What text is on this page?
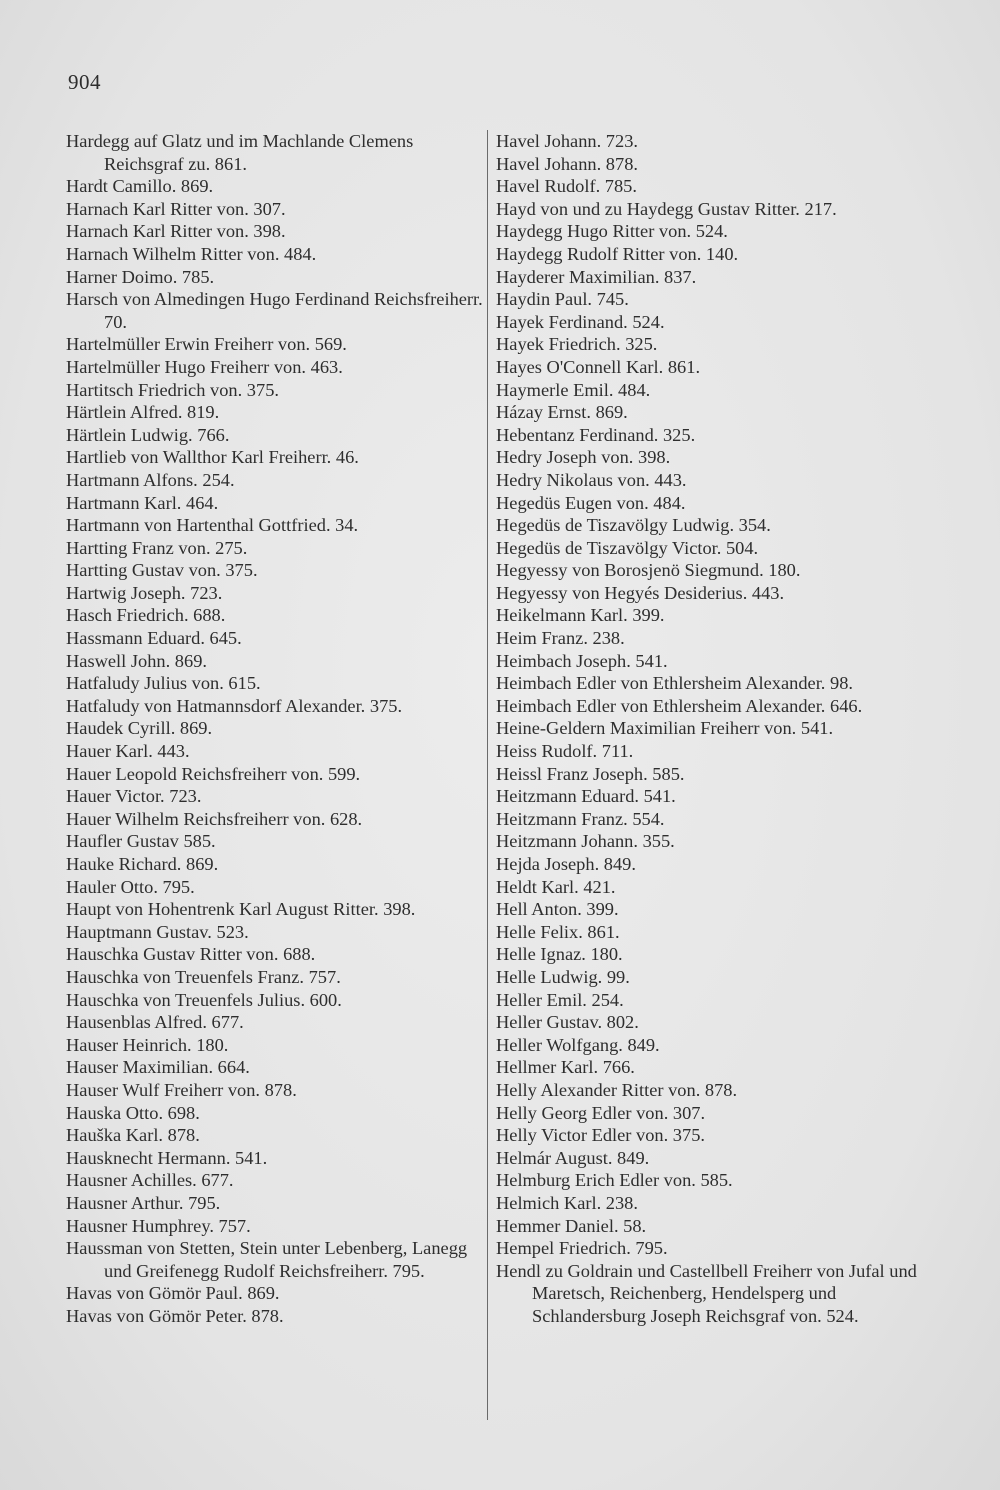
904

Hardegg auf Glatz und im Machlande Clemens Reichsgraf zu. 861.

Hardt Camillo. 869.

Harnach Karl Ritter von. 307.

Harnach Karl Ritter von. 398.

Harnach Wilhelm Ritter von. 484.

Harner Doimo. 785.

Harsch von Almedingen Hugo Ferdinand Reichsfreiherr. 70.

Hartelmüller Erwin Freiherr von. 569.

Hartelmüller Hugo Freiherr von. 463.

Hartitsch Friedrich von. 375.

Härtlein Alfred. 819.

Härtlein Ludwig. 766.

Hartlieb von Wallthor Karl Freiherr. 46.

Hartmann Alfons. 254.

Hartmann Karl. 464.

Hartmann von Hartenthal Gottfried. 34.

Hartting Franz von. 275.

Hartting Gustav von. 375.

Hartwig Joseph. 723.

Hasch Friedrich. 688.

Hassmann Eduard. 645.

Haswell John. 869.

Hatfaludy Julius von. 615.

Hatfaludy von Hatmannsdorf Alexander. 375.

Haudek Cyrill. 869.

Hauer Karl. 443.

Hauer Leopold Reichsfreiherr von. 599.

Hauer Victor. 723.

Hauer Wilhelm Reichsfreiherr von. 628.

Haufler Gustav 585.

Hauke Richard. 869.

Hauler Otto. 795.

Haupt von Hohentrenk Karl August Ritter. 398.

Hauptmann Gustav. 523.

Hauschka Gustav Ritter von. 688.

Hauschka von Treuenfels Franz. 757.

Hauschka von Treuenfels Julius. 600.

Hausenblas Alfred. 677.

Hauser Heinrich. 180.

Hauser Maximilian. 664.

Hauser Wulf Freiherr von. 878.

Hauska Otto. 698.

Hauška Karl. 878.

Hausknecht Hermann. 541.

Hausner Achilles. 677.

Hausner Arthur. 795.

Hausner Humphrey. 757.

Haussman von Stetten, Stein unter Lebenberg, Lanegg und Greifenegg Rudolf Reichsfreiherr. 795.

Havas von Gömör Paul. 869.

Havas von Gömör Peter. 878.

Havel Johann. 723.

Havel Johann. 878.

Havel Rudolf. 785.

Hayd von und zu Haydegg Gustav Ritter. 217.

Haydegg Hugo Ritter von. 524.

Haydegg Rudolf Ritter von. 140.

Hayderer Maximilian. 837.

Haydin Paul. 745.

Hayek Ferdinand. 524.

Hayek Friedrich. 325.

Hayes O'Connell Karl. 861.

Haymerle Emil. 484.

Házay Ernst. 869.

Hebentanz Ferdinand. 325.

Hedry Joseph von. 398.

Hedry Nikolaus von. 443.

Hegedüs Eugen von. 484.

Hegedüs de Tiszavölgy Ludwig. 354.

Hegedüs de Tiszavölgy Victor. 504.

Hegyessy von Borosjenö Siegmund. 180.

Hegyessy von Hegyés Desiderius. 443.

Heikelmann Karl. 399.

Heim Franz. 238.

Heimbach Joseph. 541.

Heimbach Edler von Ethlersheim Alexander. 98.

Heimbach Edler von Ethlersheim Alexander. 646.

Heine-Geldern Maximilian Freiherr von. 541.

Heiss Rudolf. 711.

Heissl Franz Joseph. 585.

Heitzmann Eduard. 541.

Heitzmann Franz. 554.

Heitzmann Johann. 355.

Hejda Joseph. 849.

Heldt Karl. 421.

Hell Anton. 399.

Helle Felix. 861.

Helle Ignaz. 180.

Helle Ludwig. 99.

Heller Emil. 254.

Heller Gustav. 802.

Heller Wolfgang. 849.

Hellmer Karl. 766.

Helly Alexander Ritter von. 878.

Helly Georg Edler von. 307.

Helly Victor Edler von. 375.

Helmár August. 849.

Helmburg Erich Edler von. 585.

Helmich Karl. 238.

Hemmer Daniel. 58.

Hempel Friedrich. 795.

Hendl zu Goldrain und Castellbell Freiherr von Jufal und Maretsch, Reichenberg, Hendelsperg und Schlandersburg Joseph Reichsgraf von. 524.
